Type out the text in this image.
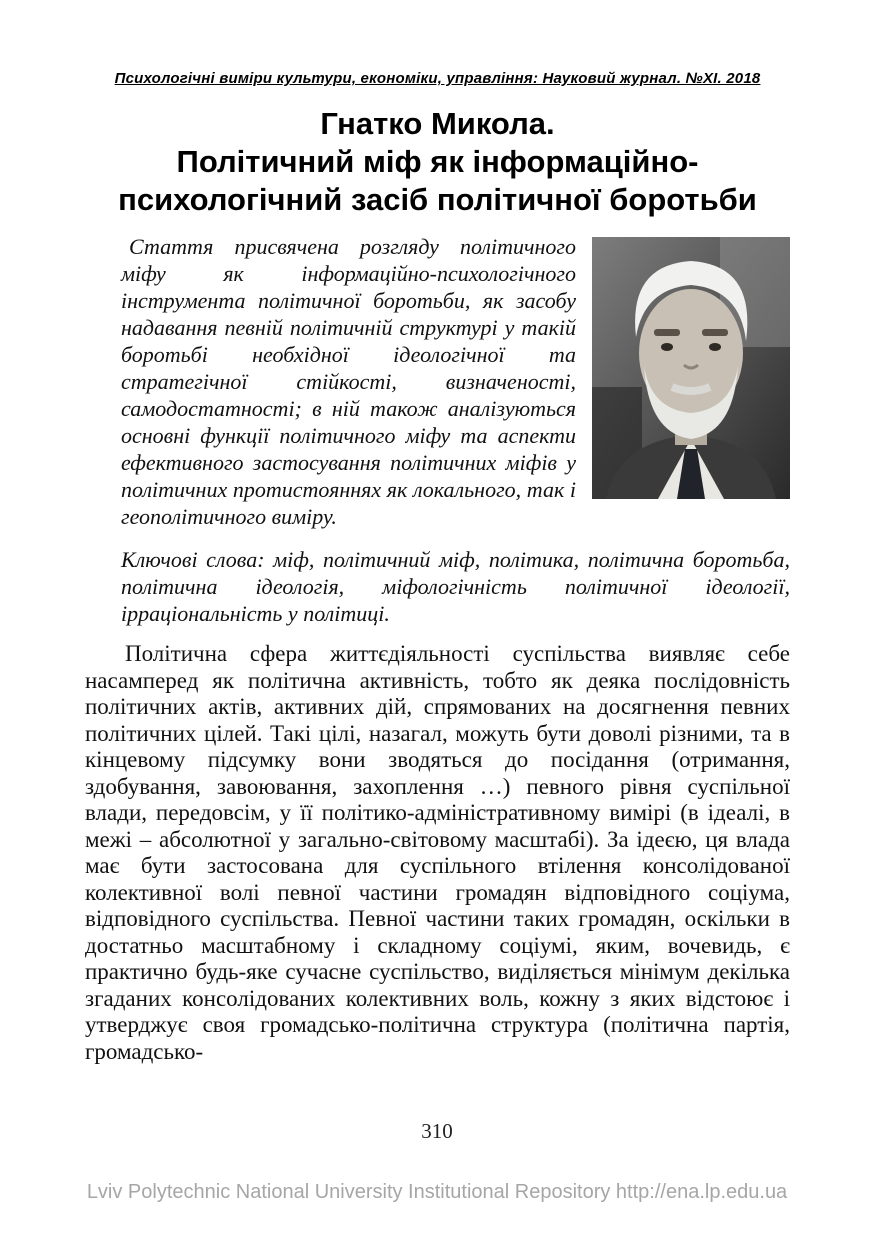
Психологічні виміри культури, економіки, управління: Науковий журнал. №ХІ. 2018
Гнатко Микола.
Політичний міф як інформаційно-психологічний засіб політичної боротьби

Стаття присвячена розгляду політичного міфу як інформаційно-психологічного інструмента політичної боротьби, як засобу надавання певній політичній структурі у такій боротьбі необхідної ідеологічної та стратегічної стійкості, визначеності, самодостатності; в ній також аналізуються основні функції політичного міфу та аспекти ефективного застосування політичних міфів у політичних протистояннях як локального, так і геополітичного виміру.

Ключові слова: міф, політичний міф, політика, політична боротьба, політична ідеологія, міфологічність політичної ідеології, ірраціональність у політиці.

Політична сфера життєдіяльності суспільства виявляє себе насамперед як політична активність, тобто як деяка послідовність політичних актів, активних дій, спрямованих на досягнення певних політичних цілей. Такі цілі, назагал, можуть бути доволі різними, та в кінцевому підсумку вони зводяться до посідання (отримання, здобування, завоювання, захоплення …) певного рівня суспільної влади, передовсім, у її політико-адміністративному вимірі (в ідеалі, в межі – абсолютної у загально-світовому масштабі). За ідеєю, ця влада має бути застосована для суспільного втілення консолідованої колективної волі певної частини громадян відповідного соціума, відповідного суспільства. Певної частини таких громадян, оскільки в достатньо масштабному і складному соціумі, яким, вочевидь, є практично будь-яке сучасне суспільство, виділяється мінімум декілька згаданих консолідованих колективних воль, кожну з яких відстоює і утверджує своя громадсько-політична структура (політична партія, громадсько-

310
Lviv Polytechnic National University Institutional Repository http://ena.lp.edu.ua
